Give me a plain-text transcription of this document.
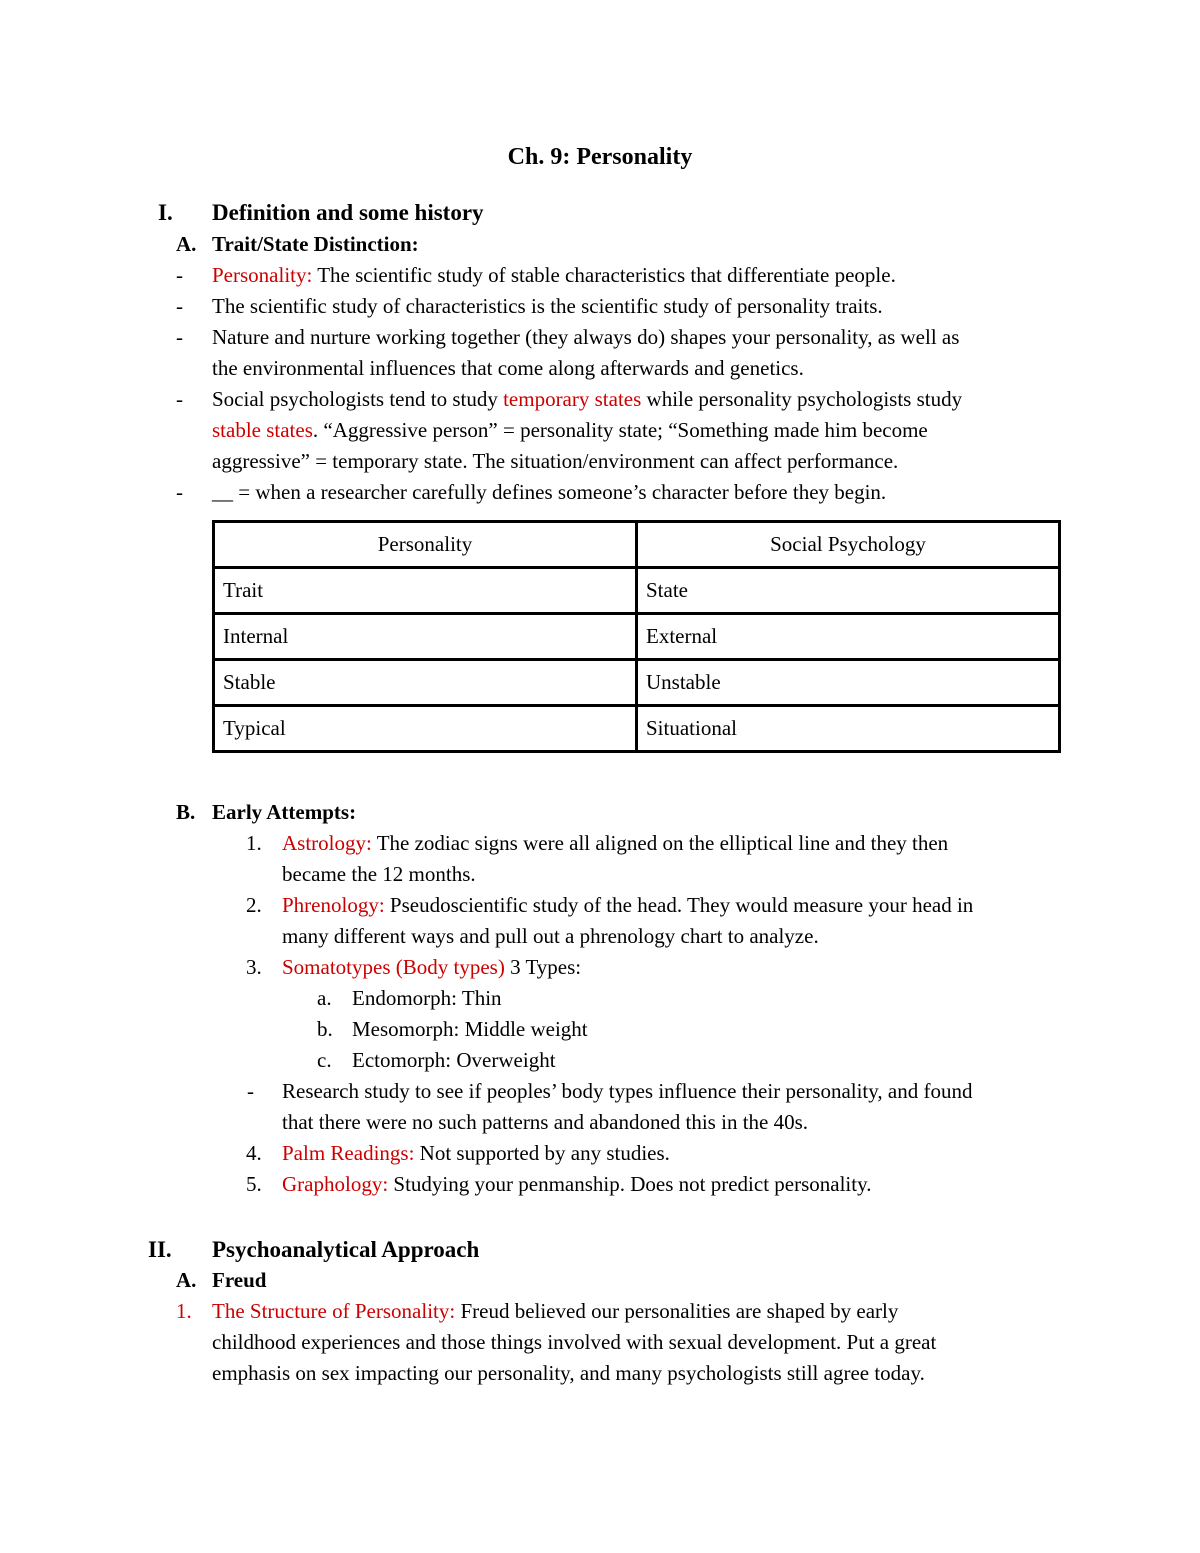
Ch. 9: Personality
I. Definition and some history
A. Trait/State Distinction:
- Personality: The scientific study of stable characteristics that differentiate people.
- The scientific study of characteristics is the scientific study of personality traits.
- Nature and nurture working together (they always do) shapes your personality, as well as
the environmental influences that come along afterwards and genetics.
- Social psychologists tend to study temporary states while personality psychologists study
stable states. “Aggressive person” = personality state; “Something made him become
aggressive” = temporary state. The situation/environment can affect performance.
- __ = when a researcher carefully defines someone’s character before they begin.
Personality	Social Psychology
Trait	State
Internal	External
Stable	Unstable
Typical	Situational
B. Early Attempts:
1. Astrology: The zodiac signs were all aligned on the elliptical line and they then
became the 12 months.
2. Phrenology: Pseudoscientific study of the head. They would measure your head in
many different ways and pull out a phrenology chart to analyze.
3. Somatotypes (Body types) 3 Types:
a. Endomorph: Thin
b. Mesomorph: Middle weight
c. Ectomorph: Overweight
- Research study to see if peoples’ body types influence their personality, and found
that there were no such patterns and abandoned this in the 40s.
4. Palm Readings: Not supported by any studies.
5. Graphology: Studying your penmanship. Does not predict personality.
II. Psychoanalytical Approach
A. Freud
1. The Structure of Personality: Freud believed our personalities are shaped by early
childhood experiences and those things involved with sexual development. Put a great
emphasis on sex impacting our personality, and many psychologists still agree today.
